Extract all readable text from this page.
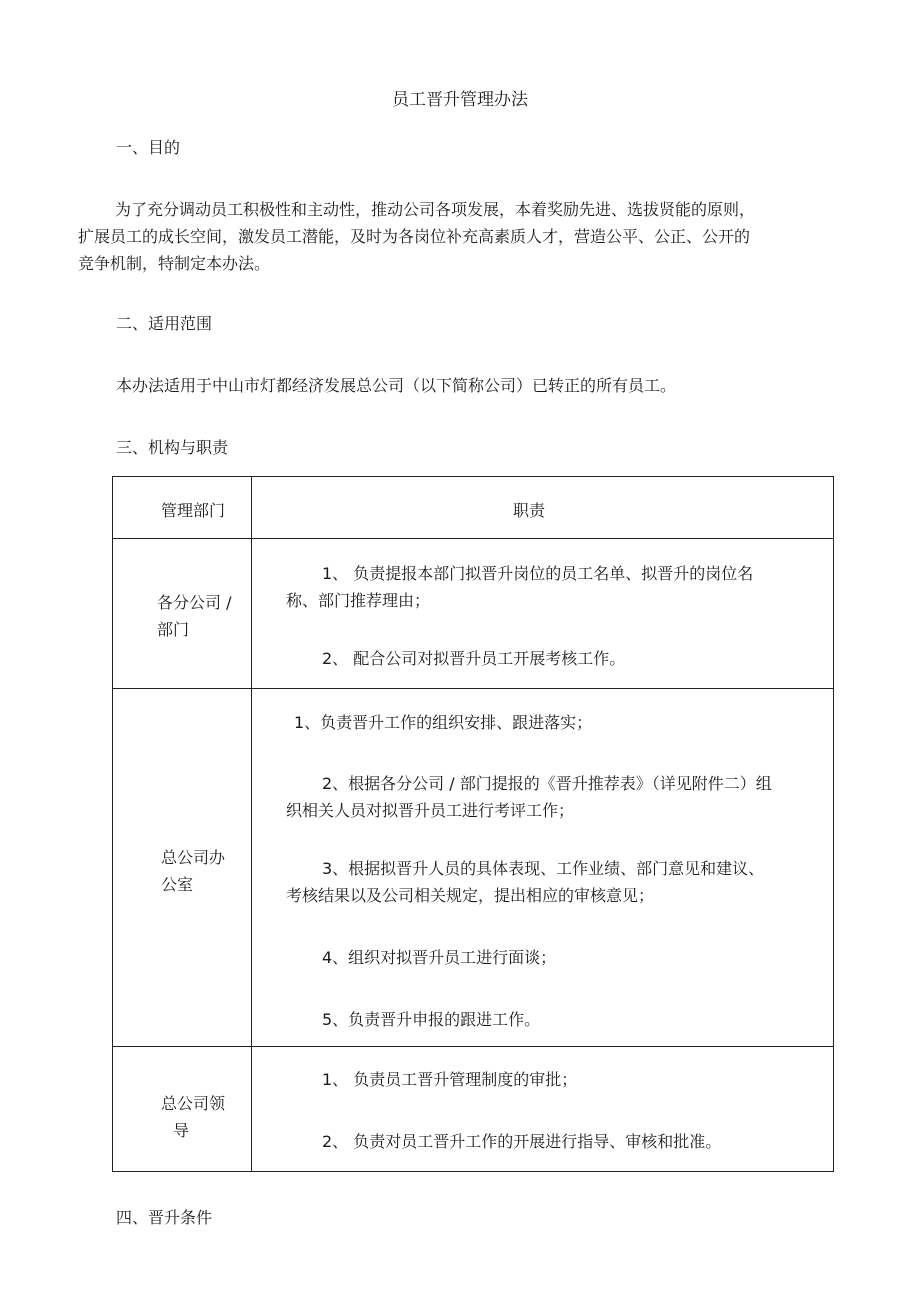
员工晋升管理办法
一、目的
为了充分调动员工积极性和主动性，推动公司各项发展，本着奖励先进、选拔贤能的原则，
扩展员工的成长空间，激发员工潜能，及时为各岗位补充高素质人才，营造公平、公正、公开的
竞争机制，特制定本办法。
二、适用范围
本办法适用于中山市灯都经济发展总公司（以下简称公司）已转正的所有员工。
三、机构与职责
管理部门	职责
各分公司 /
部门
1、 负责提报本部门拟晋升岗位的员工名单、拟晋升的岗位名
称、部门推荐理由；
2、 配合公司对拟晋升员工开展考核工作。
总公司办
公室
1、负责晋升工作的组织安排、跟进落实；
2、根据各分公司 / 部门提报的《晋升推荐表》（详见附件二）组
织相关人员对拟晋升员工进行考评工作；
3、根据拟晋升人员的具体表现、工作业绩、部门意见和建议、
考核结果以及公司相关规定，提出相应的审核意见；
4、组织对拟晋升员工进行面谈；
5、负责晋升申报的跟进工作。
总公司领
导
1、 负责员工晋升管理制度的审批；
2、 负责对员工晋升工作的开展进行指导、审核和批准。
四、晋升条件
